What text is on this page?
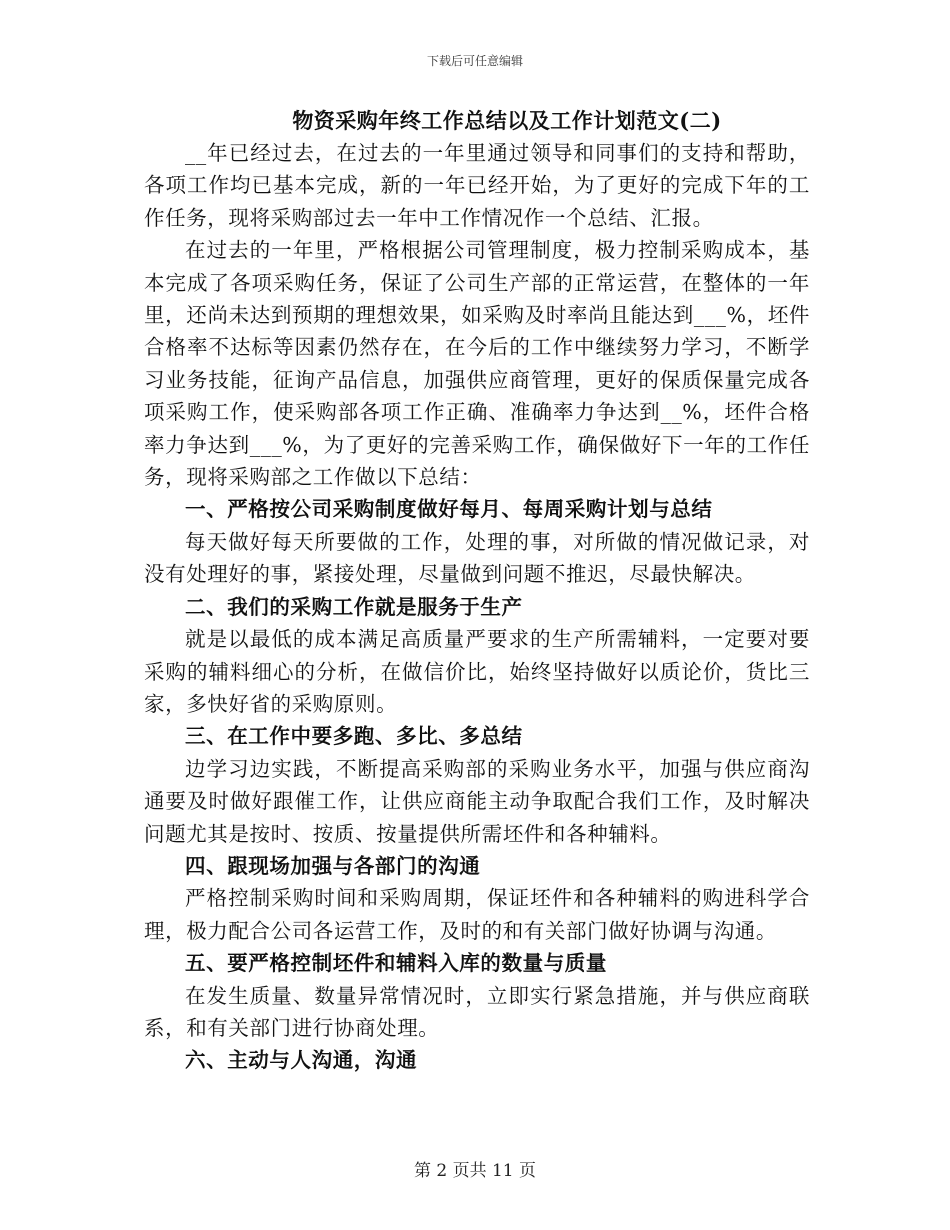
下载后可任意编辑
物资采购年终工作总结以及工作计划范文(二)

__年已经过去，在过去的一年里通过领导和同事们的支持和帮助，各项工作均已基本完成，新的一年已经开始，为了更好的完成下年的工作任务，现将采购部过去一年中工作情况作一个总结、汇报。

在过去的一年里，严格根据公司管理制度，极力控制采购成本，基本完成了各项采购任务，保证了公司生产部的正常运营，在整体的一年里，还尚未达到预期的理想效果，如采购及时率尚且能达到___%，坯件合格率不达标等因素仍然存在，在今后的工作中继续努力学习，不断学习业务技能，征询产品信息，加强供应商管理，更好的保质保量完成各项采购工作，使采购部各项工作正确、准确率力争达到__%，坯件合格率力争达到___%，为了更好的完善采购工作，确保做好下一年的工作任务，现将采购部之工作做以下总结：

一、严格按公司采购制度做好每月、每周采购计划与总结

每天做好每天所要做的工作，处理的事，对所做的情况做记录，对没有处理好的事，紧接处理，尽量做到问题不推迟，尽最快解决。

二、我们的采购工作就是服务于生产

就是以最低的成本满足高质量严要求的生产所需辅料，一定要对要采购的辅料细心的分析，在做信价比，始终坚持做好以质论价，货比三家，多快好省的采购原则。

三、在工作中要多跑、多比、多总结

边学习边实践，不断提高采购部的采购业务水平，加强与供应商沟通要及时做好跟催工作，让供应商能主动争取配合我们工作，及时解决问题尤其是按时、按质、按量提供所需坯件和各种辅料。

四、跟现场加强与各部门的沟通

严格控制采购时间和采购周期，保证坯件和各种辅料的购进科学合理，极力配合公司各运营工作，及时的和有关部门做好协调与沟通。

五、要严格控制坯件和辅料入库的数量与质量

在发生质量、数量异常情况时，立即实行紧急措施，并与供应商联系，和有关部门进行协商处理。

六、主动与人沟通，沟通

第 2 页共 11 页
